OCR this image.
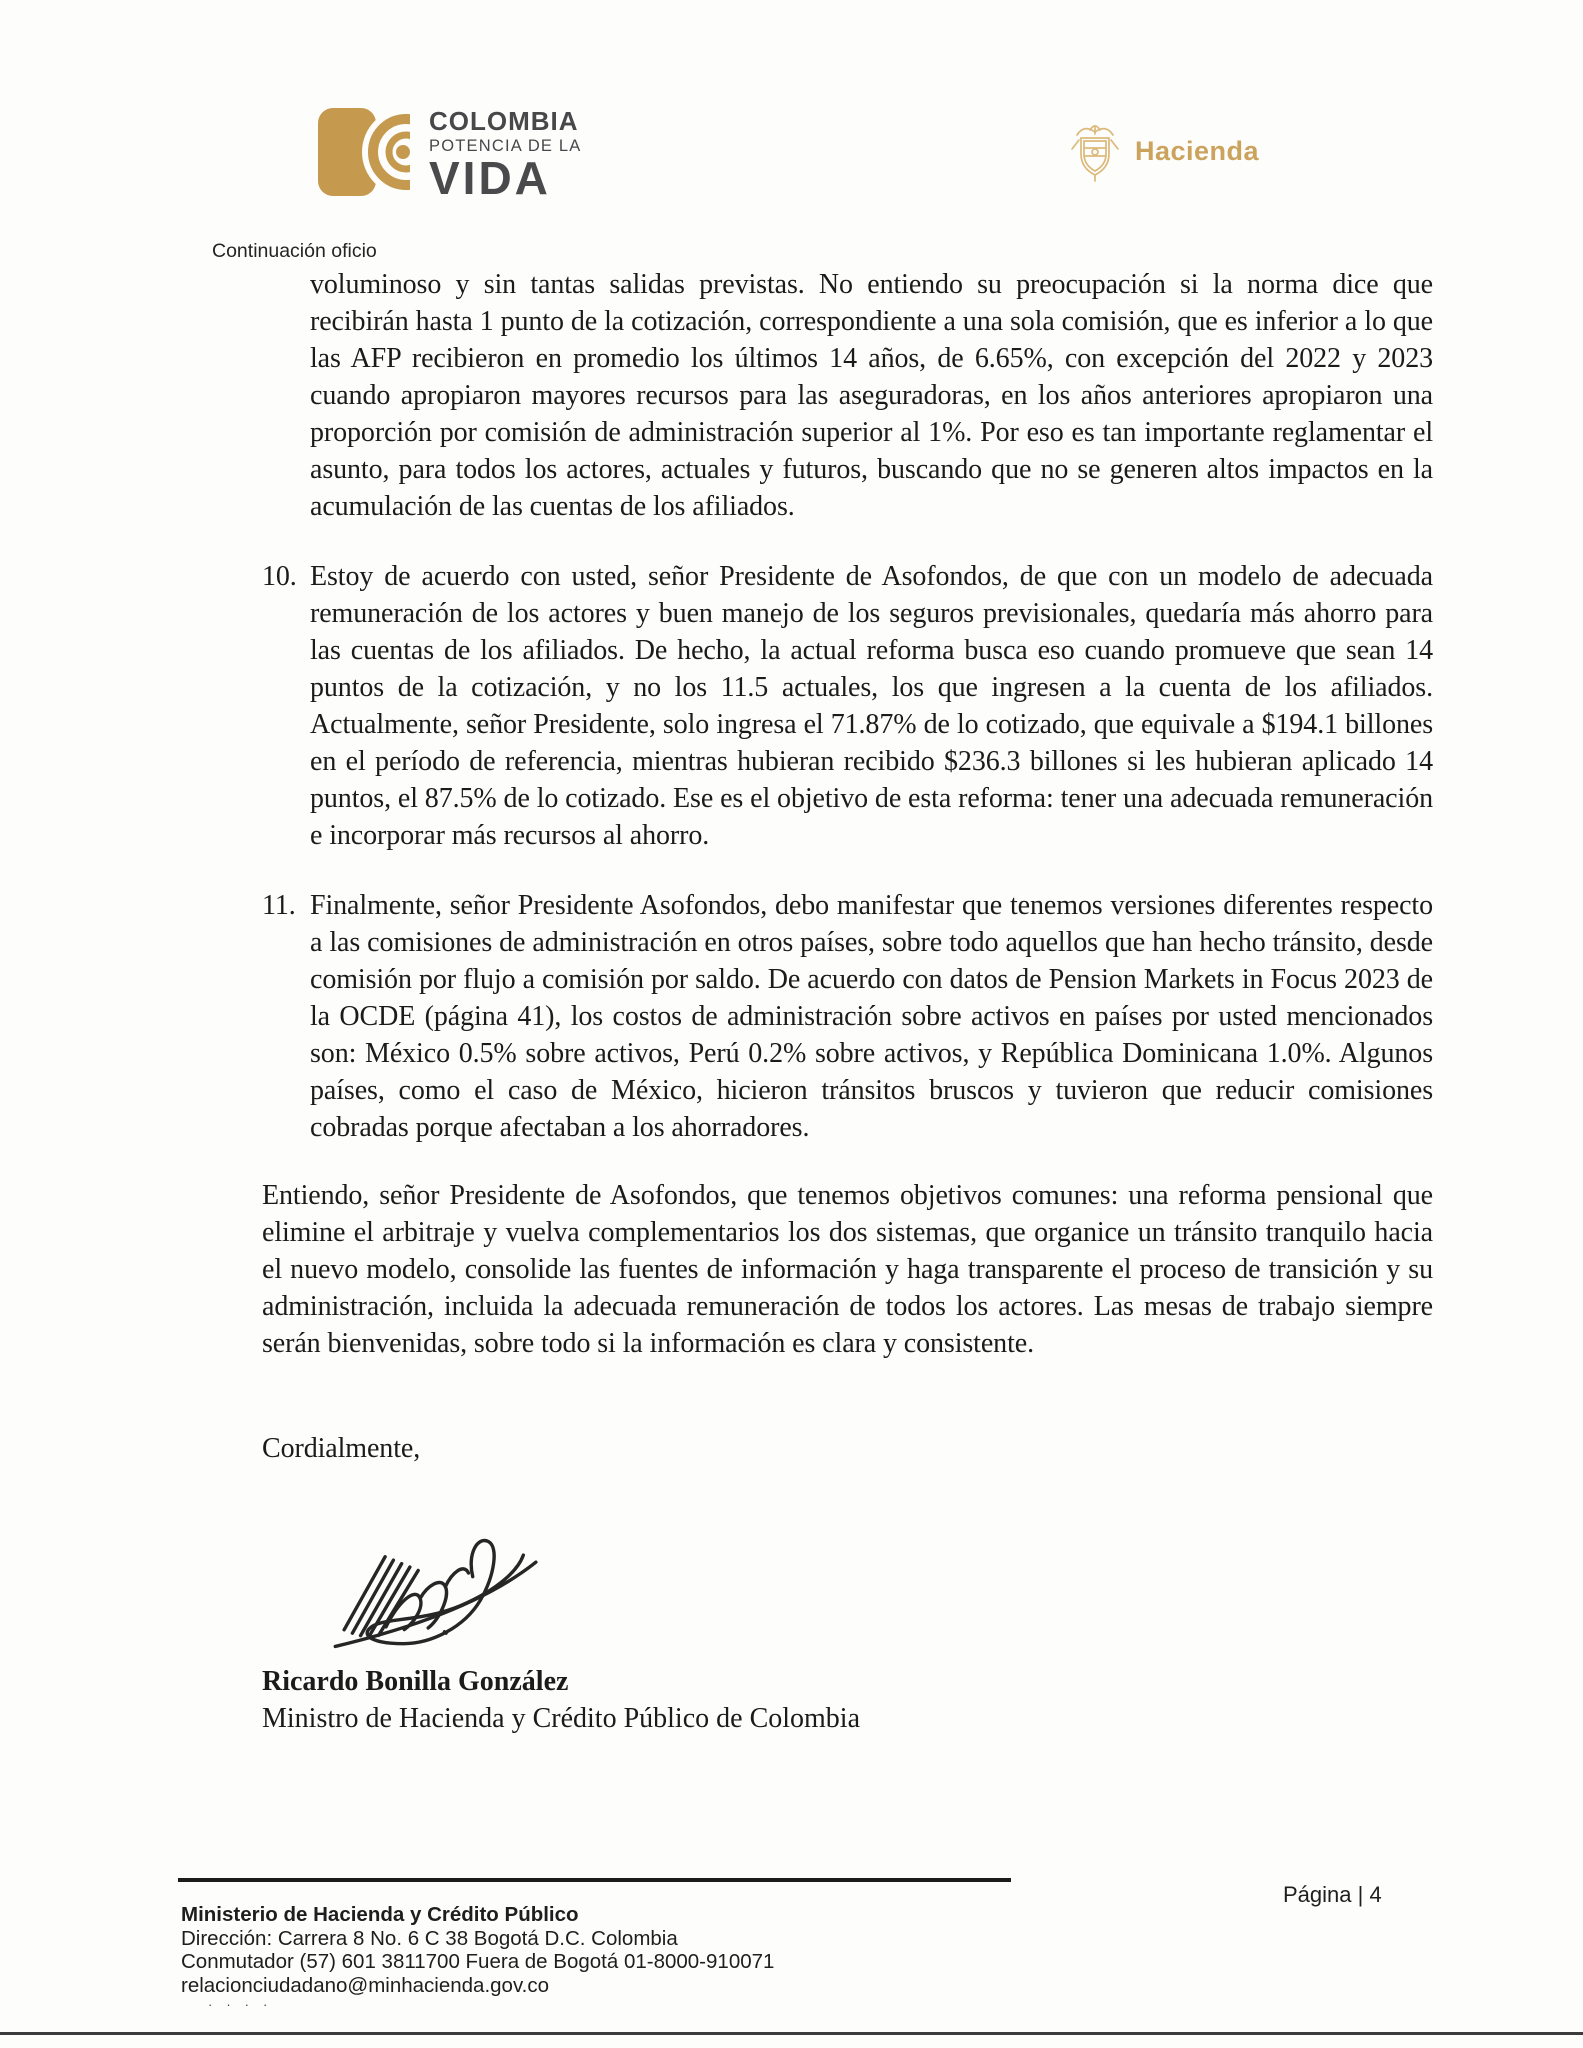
COLOMBIA
POTENCIA DE LA
VIDA
Hacienda
Continuación oficio
voluminoso y sin tantas salidas previstas. No entiendo su preocupación si la norma dice que recibirán hasta 1 punto de la cotización, correspondiente a una sola comisión, que es inferior a lo que las AFP recibieron en promedio los últimos 14 años, de 6.65%, con excepción del 2022 y 2023 cuando apropiaron mayores recursos para las aseguradoras, en los años anteriores apropiaron una proporción por comisión de administración superior al 1%. Por eso es tan importante reglamentar el asunto, para todos los actores, actuales y futuros, buscando que no se generen altos impactos en la acumulación de las cuentas de los afiliados.
10. Estoy de acuerdo con usted, señor Presidente de Asofondos, de que con un modelo de adecuada remuneración de los actores y buen manejo de los seguros previsionales, quedaría más ahorro para las cuentas de los afiliados. De hecho, la actual reforma busca eso cuando promueve que sean 14 puntos de la cotización, y no los 11.5 actuales, los que ingresen a la cuenta de los afiliados. Actualmente, señor Presidente, solo ingresa el 71.87% de lo cotizado, que equivale a $194.1 billones en el período de referencia, mientras hubieran recibido $236.3 billones si les hubieran aplicado 14 puntos, el 87.5% de lo cotizado. Ese es el objetivo de esta reforma: tener una adecuada remuneración e incorporar más recursos al ahorro.
11. Finalmente, señor Presidente Asofondos, debo manifestar que tenemos versiones diferentes respecto a las comisiones de administración en otros países, sobre todo aquellos que han hecho tránsito, desde comisión por flujo a comisión por saldo. De acuerdo con datos de Pension Markets in Focus 2023 de la OCDE (página 41), los costos de administración sobre activos en países por usted mencionados son: México 0.5% sobre activos, Perú 0.2% sobre activos, y República Dominicana 1.0%. Algunos países, como el caso de México, hicieron tránsitos bruscos y tuvieron que reducir comisiones cobradas porque afectaban a los ahorradores.
Entiendo, señor Presidente de Asofondos, que tenemos objetivos comunes: una reforma pensional que elimine el arbitraje y vuelva complementarios los dos sistemas, que organice un tránsito tranquilo hacia el nuevo modelo, consolide las fuentes de información y haga transparente el proceso de transición y su administración, incluida la adecuada remuneración de todos los actores. Las mesas de trabajo siempre serán bienvenidas, sobre todo si la información es clara y consistente.
Cordialmente,
Ricardo Bonilla González
Ministro de Hacienda y Crédito Público de Colombia
Página | 4
Ministerio de Hacienda y Crédito Público
Dirección: Carrera 8 No. 6 C 38 Bogotá D.C. Colombia
Conmutador (57) 601 3811700 Fuera de Bogotá 01-8000-910071
relacionciudadano@minhacienda.gov.co
····
